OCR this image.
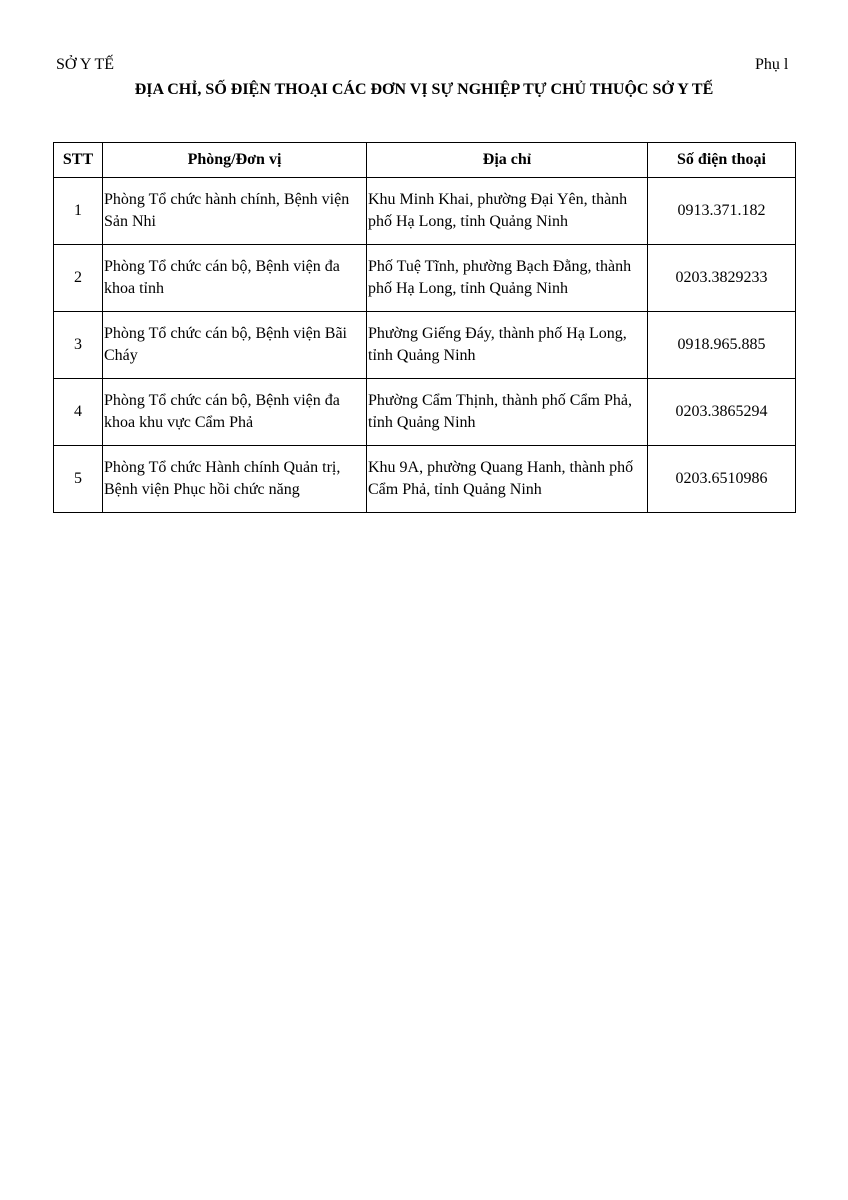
SỞ Y TẾ	Phụ l
ĐỊA CHỈ, SỐ ĐIỆN THOẠI CÁC ĐƠN VỊ SỰ NGHIỆP TỰ CHỦ THUỘC SỞ Y TẾ
STT	Phòng/Đơn vị	Địa chỉ	Số điện thoại
1	Phòng Tổ chức hành chính, Bệnh viện Sản Nhi	Khu Minh Khai, phường Đại Yên, thành phố Hạ Long, tỉnh Quảng Ninh	0913.371.182
2	Phòng Tổ chức cán bộ, Bệnh viện đa khoa tỉnh	Phố Tuệ Tĩnh, phường Bạch Đằng, thành phố Hạ Long, tỉnh Quảng Ninh	0203.3829233
3	Phòng Tổ chức cán bộ, Bệnh viện Bãi Cháy	Phường Giếng Đáy, thành phố Hạ Long, tỉnh Quảng Ninh	0918.965.885
4	Phòng Tổ chức cán bộ, Bệnh viện đa khoa khu vực Cẩm Phả	Phường Cẩm Thịnh, thành phố Cẩm Phả, tỉnh Quảng Ninh	0203.3865294
5	Phòng Tổ chức Hành chính Quản trị, Bệnh viện Phục hồi chức năng	Khu 9A, phường Quang Hanh, thành phố Cẩm Phả, tỉnh Quảng Ninh	0203.6510986
